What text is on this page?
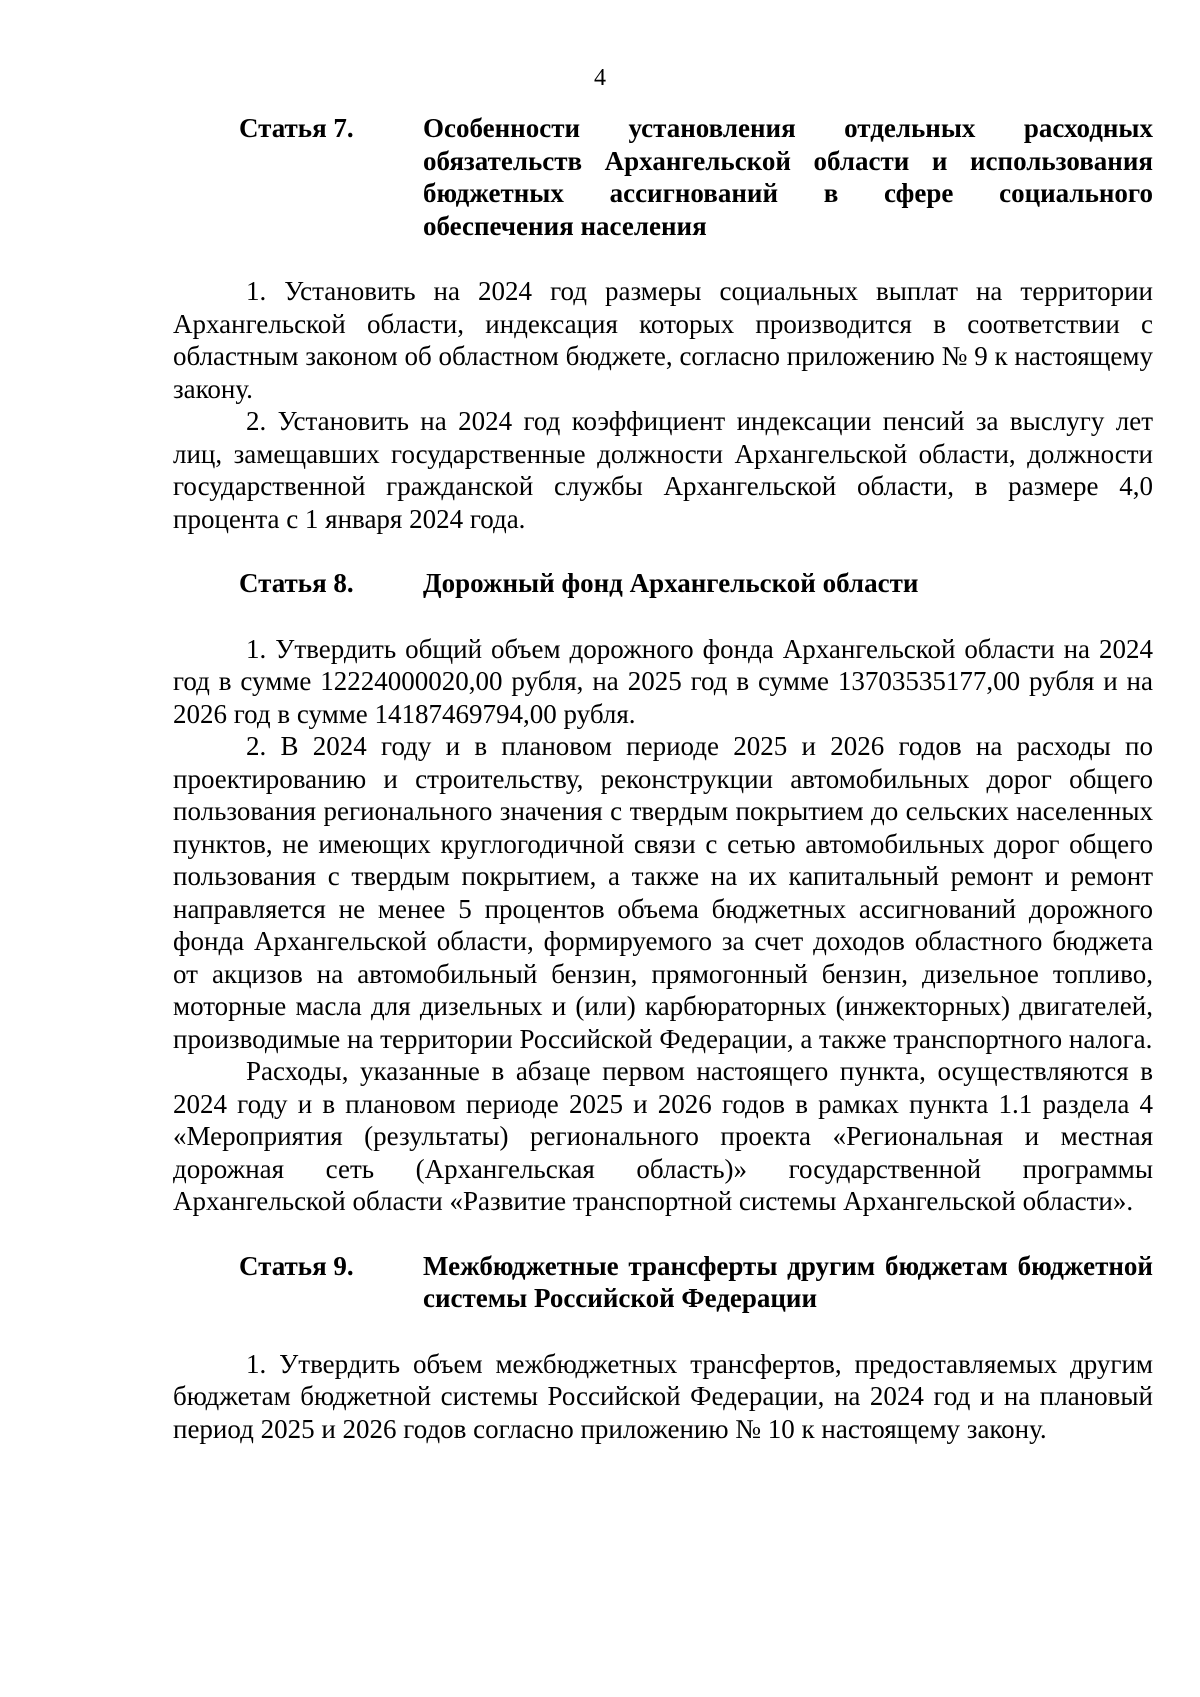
4
Статья 7.	Особенности установления отдельных расходных обязательств Архангельской области и использования бюджетных ассигнований в сфере социального обеспечения населения

1. Установить на 2024 год размеры социальных выплат на территории Архангельской области, индексация которых производится в соответствии с областным законом об областном бюджете, согласно приложению № 9 к настоящему закону.

2. Установить на 2024 год коэффициент индексации пенсий за выслугу лет лиц, замещавших государственные должности Архангельской области, должности государственной гражданской службы Архангельской области, в размере 4,0 процента с 1 января 2024 года.

Статья 8.	Дорожный фонд Архангельской области

1. Утвердить общий объем дорожного фонда Архангельской области на 2024 год в сумме 12224000020,00 рубля, на 2025 год в сумме 13703535177,00 рубля и на 2026 год в сумме 14187469794,00 рубля.

2. В 2024 году и в плановом периоде 2025 и 2026 годов на расходы по проектированию и строительству, реконструкции автомобильных дорог общего пользования регионального значения с твердым покрытием до сельских населенных пунктов, не имеющих круглогодичной связи с сетью автомобильных дорог общего пользования с твердым покрытием, а также на их капитальный ремонт и ремонт направляется не менее 5 процентов объема бюджетных ассигнований дорожного фонда Архангельской области, формируемого за счет доходов областного бюджета от акцизов на автомобильный бензин, прямогонный бензин, дизельное топливо, моторные масла для дизельных и (или) карбюраторных (инжекторных) двигателей, производимые на территории Российской Федерации, а также транспортного налога.

Расходы, указанные в абзаце первом настоящего пункта, осуществляются в 2024 году и в плановом периоде 2025 и 2026 годов в рамках пункта 1.1 раздела 4 «Мероприятия (результаты) регионального проекта «Региональная и местная дорожная сеть (Архангельская область)» государственной программы Архангельской области «Развитие транспортной системы Архангельской области».

Статья 9.	Межбюджетные трансферты другим бюджетам бюджетной системы Российской Федерации

1. Утвердить объем межбюджетных трансфертов, предоставляемых другим бюджетам бюджетной системы Российской Федерации, на 2024 год и на плановый период 2025 и 2026 годов согласно приложению № 10 к настоящему закону.
